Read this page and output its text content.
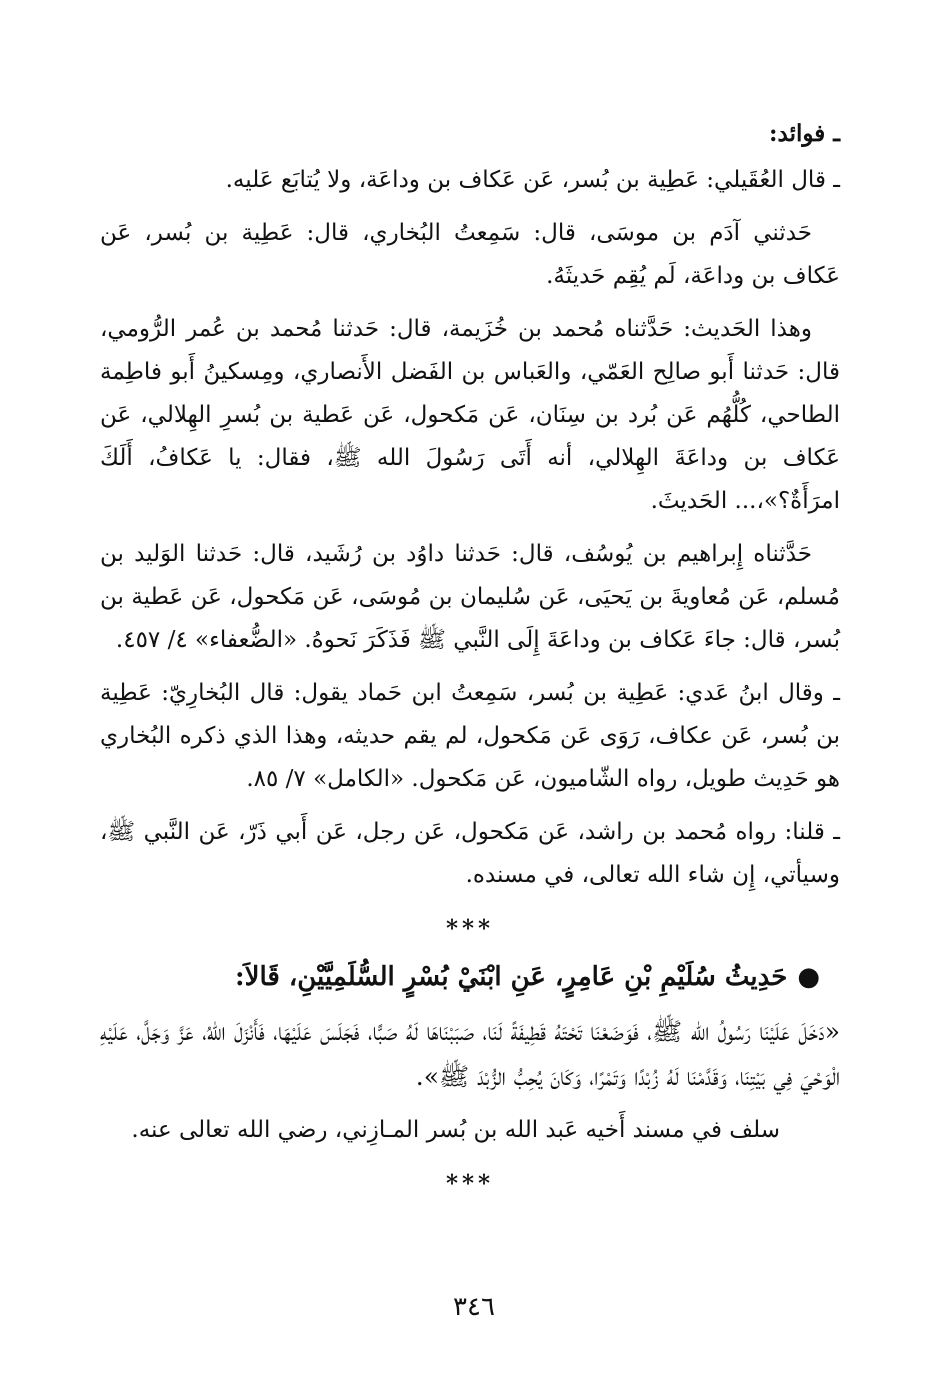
ـ فوائد:

ـ قال العُقَيلي: عَطِية بن بُسر، عَن عَكاف بن وداعَة، ولا يُتابَع عَليه.

حَدثني آدَم بن موسَى، قال: سَمِعتُ البُخاري، قال: عَطِية بن بُسر، عَن عَكاف بن وداعَة، لَم يُقِم حَديثَهُ.

وهذا الحَديث: حَدَّثناه مُحمد بن خُزَيمة، قال: حَدثنا مُحمد بن عُمر الرُّومي، قال: حَدثنا أَبو صالِح العَمّي، والعَباس بن الفَضل الأَنصاري، ومِسكينُ أَبو فاطِمة الطاحي، كُلُّهُم عَن بُرد بن سِنَان، عَن مَكحول، عَن عَطية بن بُسرِ الهِلالي، عَن عَكاف بن وداعَةَ الهِلالي، أنه أَتَى رَسُولَ الله ﷺ، فقال: يا عَكافُ، أَلَكَ امرَأَةٌ؟»،... الحَديثَ.

حَدَّثناه إِبراهيم بن يُوسُف، قال: حَدثنا داوُد بن رُشَيد، قال: حَدثنا الوَليد بن مُسلم، عَن مُعاويةَ بن يَحيَى، عَن سُليمان بن مُوسَى، عَن مَكحول، عَن عَطية بن بُسر، قال: جاءَ عَكاف بن وداعَةَ إِلَى النَّبي ﷺ فَذَكَرَ نَحوهُ. «الضُّعفاء» ٤/ ٤٥٧.

ـ وقال ابنُ عَدي: عَطِية بن بُسر، سَمِعتُ ابن حَماد يقول: قال البُخارِيّ: عَطِية بن بُسر، عَن عكاف، رَوَى عَن مَكحول، لم يقم حديثه، وهذا الذي ذكره البُخاري هو حَدِيث طويل، رواه الشّاميون، عَن مَكحول. «الكامل» ٧/ ٨٥.

ـ قلنا: رواه مُحمد بن راشد، عَن مَكحول، عَن رجل، عَن أَبي ذَرّ، عَن النَّبي ﷺ، وسيأتي، إِن شاء الله تعالى، في مسنده.

***

●حَدِيثُ سُلَيْمِ بْنِ عَامِرٍ، عَنِ ابْنَيْ بُسْرٍ السُّلَمِيَّيْنِ، قَالاَ:

«دَخَلَ عَلَيْنَا رَسُولُ الله ﷺ، فَوَضَعْنَا تَحْتَهُ قَطِيفَةً لَنَا، صَبَبْنَاهَا لَهُ صَبًّا، فَجَلَسَ عَلَيْهَا، فَأَنْزَلَ اللهُ، عَزَّ وَجَلَّ، عَلَيْهِ الْوَحْيَ فِي بَيْتِنَا، وَقَدَّمْنَا لَهُ زُبْدًا وَتَمْرًا، وَكَانَ يُحِبُّ الزُّبْدَ ﷺ».

سلف في مسند أَخيه عَبد الله بن بُسر المـازِني، رضي الله تعالى عنه.

***

٣٤٦
